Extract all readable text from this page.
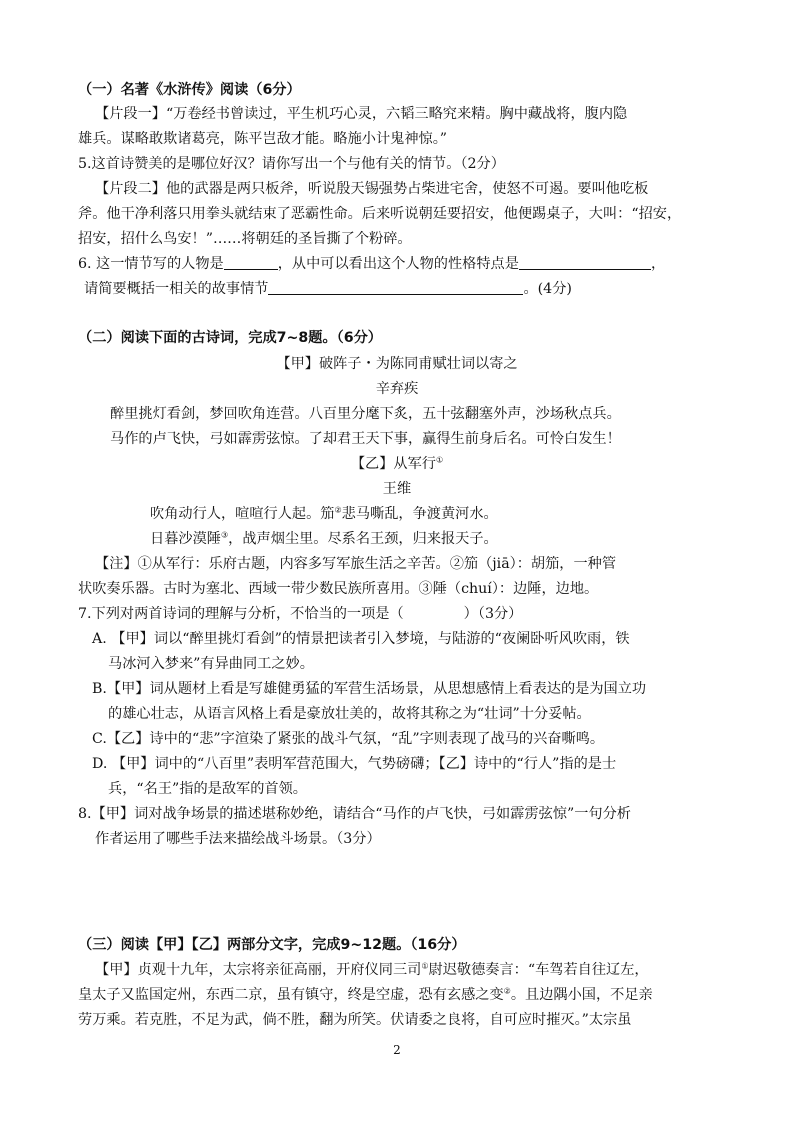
（一）名著《水浒传》阅读（6分）
【片段一】“万卷经书曾读过，平生机巧心灵，六韬三略究来精。胸中藏战将，腹内隐
雄兵。谋略敢欺诸葛亮，陈平岂敌才能。略施小计鬼神惊。”
5.这首诗赞美的是哪位好汉？请你写出一个与他有关的情节。（2分）
【片段二】他的武器是两只板斧，听说殷天锡强势占柴进宅舍，使怒不可遏。要叫他吃板
斧。他干净利落只用拳头就结束了恶霸性命。后来听说朝廷要招安，他便踢桌子，大叫：“招安，
招安，招什么鸟安！”……将朝廷的圣旨撕了个粉碎。
6. 这一情节写的人物是	，从中可以看出这个人物的性格特点是	，
请简要概括一相关的故事情节	。(4分)
（二）阅读下面的古诗词，完成7~8题。（6分）
【甲】破阵子・为陈同甫赋壮词以寄之
辛弃疾
醉里挑灯看剑，梦回吹角连营。八百里分麾下炙，五十弦翻塞外声，沙场秋点兵。
马作的卢飞快，弓如霹雳弦惊。了却君王天下事，赢得生前身后名。可怜白发生！
【乙】从军行①
王维
吹角动行人，喧喧行人起。笳②悲马嘶乱，争渡黄河水。
日暮沙漠陲③，战声烟尘里。尽系名王颈，归来报天子。
【注】①从军行：乐府古题，内容多写军旅生活之辛苦。②笳（jiā）：胡笳，一种管
状吹奏乐器。古时为塞北、西域一带少数民族所喜用。③陲（chuí）：边陲，边地。
7.下列对两首诗词的理解与分析，不恰当的一项是（	）（3分）
A. 【甲】词以“醉里挑灯看剑”的情景把读者引入梦境，与陆游的“夜阑卧听风吹雨，铁
马冰河入梦来”有异曲同工之妙。
B.【甲】词从题材上看是写雄健勇猛的军营生活场景，从思想感情上看表达的是为国立功
的雄心壮志，从语言风格上看是豪放壮美的，故将其称之为“壮词”十分妥帖。
C.【乙】诗中的“悲”字渲染了紧张的战斗气氛，“乱”字则表现了战马的兴奋嘶鸣。
D. 【甲】词中的“八百里”表明军营范围大，气势磅礴；【乙】诗中的“行人”指的是士
兵，“名王”指的是敌军的首领。
8.【甲】词对战争场景的描述堪称妙绝，请结合“马作的卢飞快，弓如霹雳弦惊”一句分析
作者运用了哪些手法来描绘战斗场景。（3分）
（三）阅读【甲】【乙】两部分文字，完成9~12题。（16分）
【甲】贞观十九年，太宗将亲征高丽，开府仪同三司①尉迟敬德奏言：“车驾若自往辽左，
皇太子又监国定州，东西二京，虽有镇守，终是空虚，恐有玄感之变②。且边隅小国，不足亲
劳万乘。若克胜，不足为武，倘不胜，翻为所笑。伏请委之良将，自可应时摧灭。”太宗虽
2
